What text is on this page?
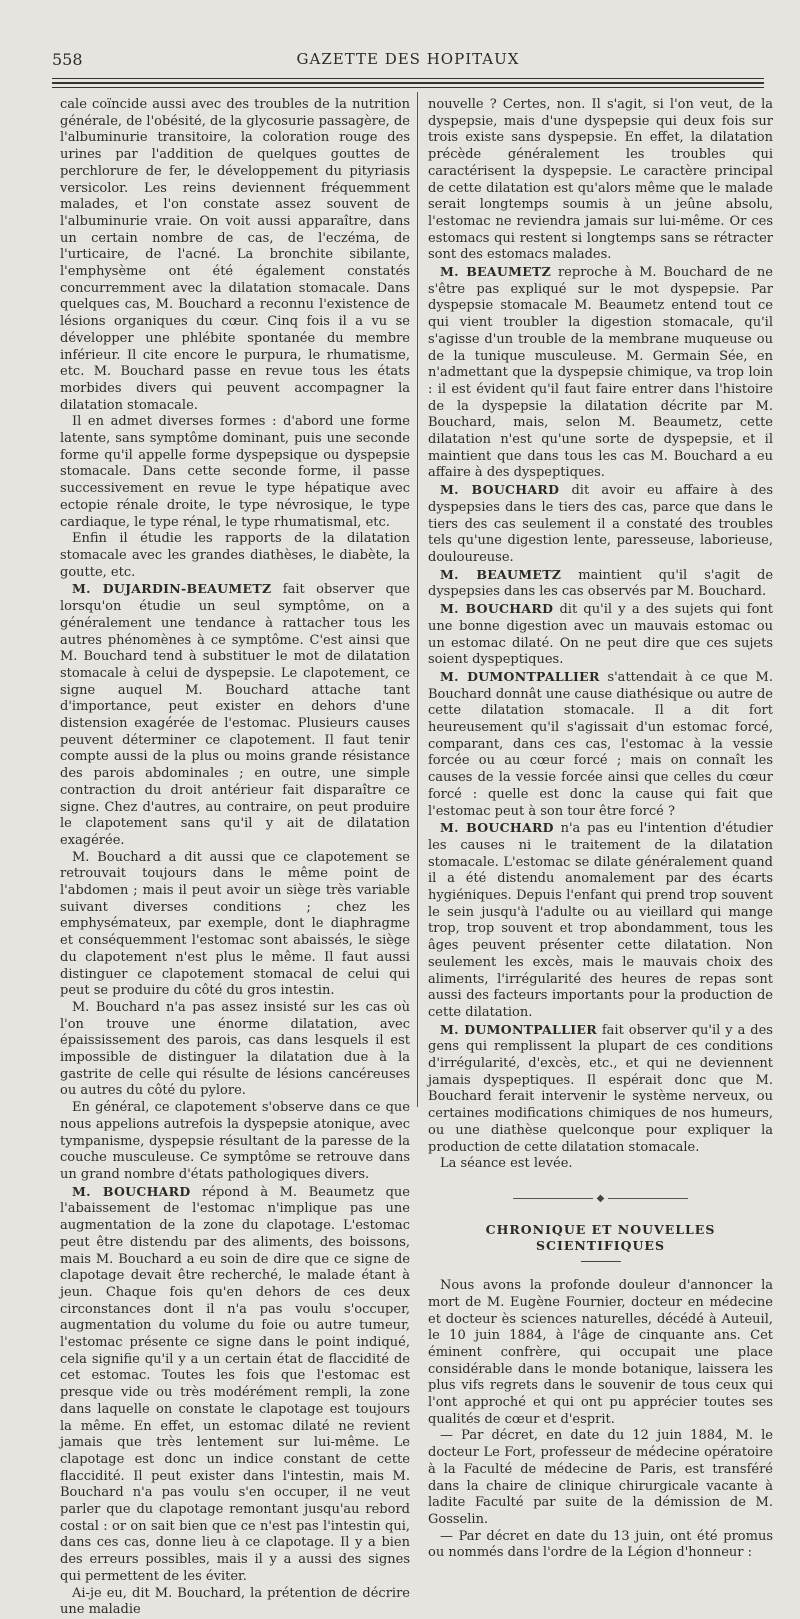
558	GAZETTE DES HOPITAUX

cale coïncide aussi avec des troubles de la nutrition générale, de l'obésité, de la glycosurie passagère, de l'albuminurie transitoire, la coloration rouge des urines par l'addition de quelques gouttes de perchlorure de fer, le développement du pityriasis versicolor. Les reins deviennent fréquemment malades, et l'on constate assez souvent de l'albuminurie vraie. On voit aussi apparaître, dans un certain nombre de cas, de l'eczéma, de l'urticaire, de l'acné. La bronchite sibilante, l'emphysème ont été également constatés concurremment avec la dilatation stomacale. Dans quelques cas, M. Bouchard a reconnu l'existence de lésions organiques du cœur. Cinq fois il a vu se développer une phlébite spontanée du membre inférieur. Il cite encore le purpura, le rhumatisme, etc. M. Bouchard passe en revue tous les états morbides divers qui peuvent accompagner la dilatation stomacale.

Il en admet diverses formes : d'abord une forme latente, sans symptôme dominant, puis une seconde forme qu'il appelle forme dyspepsique ou dyspepsie stomacale. Dans cette seconde forme, il passe successivement en revue le type hépatique avec ectopie rénale droite, le type névrosique, le type cardiaque, le type rénal, le type rhumatismal, etc.

Enfin il étudie les rapports de la dilatation stomacale avec les grandes diathèses, le diabète, la goutte, etc.

M. DUJARDIN-BEAUMETZ fait observer que lorsqu'on étudie un seul symptôme, on a généralement une tendance à rattacher tous les autres phénomènes à ce symptôme. C'est ainsi que M. Bouchard tend à substituer le mot de dilatation stomacale à celui de dyspepsie. Le clapotement, ce signe auquel M. Bouchard attache tant d'importance, peut exister en dehors d'une distension exagérée de l'estomac. Plusieurs causes peuvent déterminer ce clapotement. Il faut tenir compte aussi de la plus ou moins grande résistance des parois abdominales ; en outre, une simple contraction du droit antérieur fait disparaître ce signe. Chez d'autres, au contraire, on peut produire le clapotement sans qu'il y ait de dilatation exagérée.

M. Bouchard a dit aussi que ce clapotement se retrouvait toujours dans le même point de l'abdomen ; mais il peut avoir un siège très variable suivant diverses conditions ; chez les emphysémateux, par exemple, dont le diaphragme et conséquemment l'estomac sont abaissés, le siège du clapotement n'est plus le même. Il faut aussi distinguer ce clapotement stomacal de celui qui peut se produire du côté du gros intestin.

M. Bouchard n'a pas assez insisté sur les cas où l'on trouve une énorme dilatation, avec épaississement des parois, cas dans lesquels il est impossible de distinguer la dilatation due à la gastrite de celle qui résulte de lésions cancéreuses ou autres du côté du pylore.

En général, ce clapotement s'observe dans ce que nous appelions autrefois la dyspepsie atonique, avec tympanisme, dyspepsie résultant de la paresse de la couche musculeuse. Ce symptôme se retrouve dans un grand nombre d'états pathologiques divers.

M. BOUCHARD répond à M. Beaumetz que l'abaissement de l'estomac n'implique pas une augmentation de la zone du clapotage. L'estomac peut être distendu par des aliments, des boissons, mais M. Bouchard a eu soin de dire que ce signe de clapotage devait être recherché, le malade étant à jeun. Chaque fois qu'en dehors de ces deux circonstances dont il n'a pas voulu s'occuper, augmentation du volume du foie ou autre tumeur, l'estomac présente ce signe dans le point indiqué, cela signifie qu'il y a un certain état de flaccidité de cet estomac. Toutes les fois que l'estomac est presque vide ou très modérément rempli, la zone dans laquelle on constate le clapotage est toujours la même. En effet, un estomac dilaté ne revient jamais que très lentement sur lui-même. Le clapotage est donc un indice constant de cette flaccidité. Il peut exister dans l'intestin, mais M. Bouchard n'a pas voulu s'en occuper, il ne veut parler que du clapotage remontant jusqu'au rebord costal : or on sait bien que ce n'est pas l'intestin qui, dans ces cas, donne lieu à ce clapotage. Il y a bien des erreurs possibles, mais il y a aussi des signes qui permettent de les éviter.

Ai-je eu, dit M. Bouchard, la prétention de décrire une maladie

nouvelle ? Certes, non. Il s'agit, si l'on veut, de la dyspepsie, mais d'une dyspepsie qui deux fois sur trois existe sans dyspepsie. En effet, la dilatation précède généralement les troubles qui caractérisent la dyspepsie. Le caractère principal de cette dilatation est qu'alors même que le malade serait longtemps soumis à un jeûne absolu, l'estomac ne reviendra jamais sur lui-même. Or ces estomacs qui restent si longtemps sans se rétracter sont des estomacs malades.

M. BEAUMETZ reproche à M. Bouchard de ne s'être pas expliqué sur le mot dyspepsie. Par dyspepsie stomacale M. Beaumetz entend tout ce qui vient troubler la digestion stomacale, qu'il s'agisse d'un trouble de la membrane muqueuse ou de la tunique musculeuse. M. Germain Sée, en n'admettant que la dyspepsie chimique, va trop loin : il est évident qu'il faut faire entrer dans l'histoire de la dyspepsie la dilatation décrite par M. Bouchard, mais, selon M. Beaumetz, cette dilatation n'est qu'une sorte de dyspepsie, et il maintient que dans tous les cas M. Bouchard a eu affaire à des dyspeptiques.

M. BOUCHARD dit avoir eu affaire à des dyspepsies dans le tiers des cas, parce que dans le tiers des cas seulement il a constaté des troubles tels qu'une digestion lente, paresseuse, laborieuse, douloureuse.

M. BEAUMETZ maintient qu'il s'agit de dyspepsies dans les cas observés par M. Bouchard.

M. BOUCHARD dit qu'il y a des sujets qui font une bonne digestion avec un mauvais estomac ou un estomac dilaté. On ne peut dire que ces sujets soient dyspeptiques.

M. DUMONTPALLIER s'attendait à ce que M. Bouchard donnât une cause diathésique ou autre de cette dilatation stomacale. Il a dit fort heureusement qu'il s'agissait d'un estomac forcé, comparant, dans ces cas, l'estomac à la vessie forcée ou au cœur forcé ; mais on connaît les causes de la vessie forcée ainsi que celles du cœur forcé : quelle est donc la cause qui fait que l'estomac peut à son tour être forcé ?

M. BOUCHARD n'a pas eu l'intention d'étudier les causes ni le traitement de la dilatation stomacale. L'estomac se dilate généralement quand il a été distendu anomalement par des écarts hygiéniques. Depuis l'enfant qui prend trop souvent le sein jusqu'à l'adulte ou au vieillard qui mange trop, trop souvent et trop abondamment, tous les âges peuvent présenter cette dilatation. Non seulement les excès, mais le mauvais choix des aliments, l'irrégularité des heures de repas sont aussi des facteurs importants pour la production de cette dilatation.

M. DUMONTPALLIER fait observer qu'il y a des gens qui remplissent la plupart de ces conditions d'irrégularité, d'excès, etc., et qui ne deviennent jamais dyspeptiques. Il espérait donc que M. Bouchard ferait intervenir le système nerveux, ou certaines modifications chimiques de nos humeurs, ou une diathèse quelconque pour expliquer la production de cette dilatation stomacale.

La séance est levée.

◆
CHRONIQUE ET NOUVELLES SCIENTIFIQUES

Nous avons la profonde douleur d'annoncer la mort de M. Eugène Fournier, docteur en médecine et docteur ès sciences naturelles, décédé à Auteuil, le 10 juin 1884, à l'âge de cinquante ans. Cet éminent confrère, qui occupait une place considérable dans le monde botanique, laissera les plus vifs regrets dans le souvenir de tous ceux qui l'ont approché et qui ont pu apprécier toutes ses qualités de cœur et d'esprit.

— Par décret, en date du 12 juin 1884, M. le docteur Le Fort, professeur de médecine opératoire à la Faculté de médecine de Paris, est transféré dans la chaire de clinique chirurgicale vacante à ladite Faculté par suite de la démission de M. Gosselin.

— Par décret en date du 13 juin, ont été promus ou nommés dans l'ordre de la Légion d'honneur :
